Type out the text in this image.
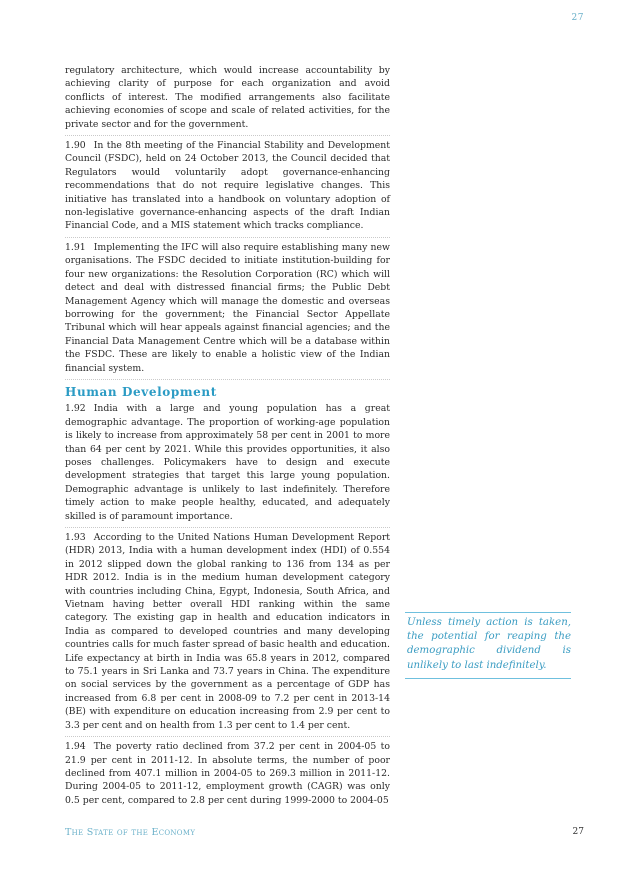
27
regulatory architecture, which would increase accountability by achieving clarity of purpose for each organization and avoid conflicts of interest. The modified arrangements also facilitate achieving economies of scope and scale of related activities, for the private sector and for the government.
1.90 In the 8th meeting of the Financial Stability and Development Council (FSDC), held on 24 October 2013, the Council decided that Regulators would voluntarily adopt governance-enhancing recommendations that do not require legislative changes. This initiative has translated into a handbook on voluntary adoption of non-legislative governance-enhancing aspects of the draft Indian Financial Code, and a MIS statement which tracks compliance.
1.91 Implementing the IFC will also require establishing many new organisations. The FSDC decided to initiate institution-building for four new organizations: the Resolution Corporation (RC) which will detect and deal with distressed financial firms; the Public Debt Management Agency which will manage the domestic and overseas borrowing for the government; the Financial Sector Appellate Tribunal which will hear appeals against financial agencies; and the Financial Data Management Centre which will be a database within the FSDC. These are likely to enable a holistic view of the Indian financial system.
Human Development
1.92 India with a large and young population has a great demographic advantage. The proportion of working-age population is likely to increase from approximately 58 per cent in 2001 to more than 64 per cent by 2021. While this provides opportunities, it also poses challenges. Policymakers have to design and execute development strategies that target this large young population. Demographic advantage is unlikely to last indefinitely. Therefore timely action to make people healthy, educated, and adequately skilled is of paramount importance.
1.93 According to the United Nations Human Development Report (HDR) 2013, India with a human development index (HDI) of 0.554 in 2012 slipped down the global ranking to 136 from 134 as per HDR 2012. India is in the medium human development category with countries including China, Egypt, Indonesia, South Africa, and Vietnam having better overall HDI ranking within the same category. The existing gap in health and education indicators in India as compared to developed countries and many developing countries calls for much faster spread of basic health and education. Life expectancy at birth in India was 65.8 years in 2012, compared to 75.1 years in Sri Lanka and 73.7 years in China. The expenditure on social services by the government as a percentage of GDP has increased from 6.8 per cent in 2008-09 to 7.2 per cent in 2013-14 (BE) with expenditure on education increasing from 2.9 per cent to 3.3 per cent and on health from 1.3 per cent to 1.4 per cent.
1.94 The poverty ratio declined from 37.2 per cent in 2004-05 to 21.9 per cent in 2011-12. In absolute terms, the number of poor declined from 407.1 million in 2004-05 to 269.3 million in 2011-12. During 2004-05 to 2011-12, employment growth (CAGR) was only 0.5 per cent, compared to 2.8 per cent during 1999-2000 to 2004-05
Unless timely action is taken, the potential for reaping the demographic dividend is unlikely to last indefinitely.
The State of the Economy	27
